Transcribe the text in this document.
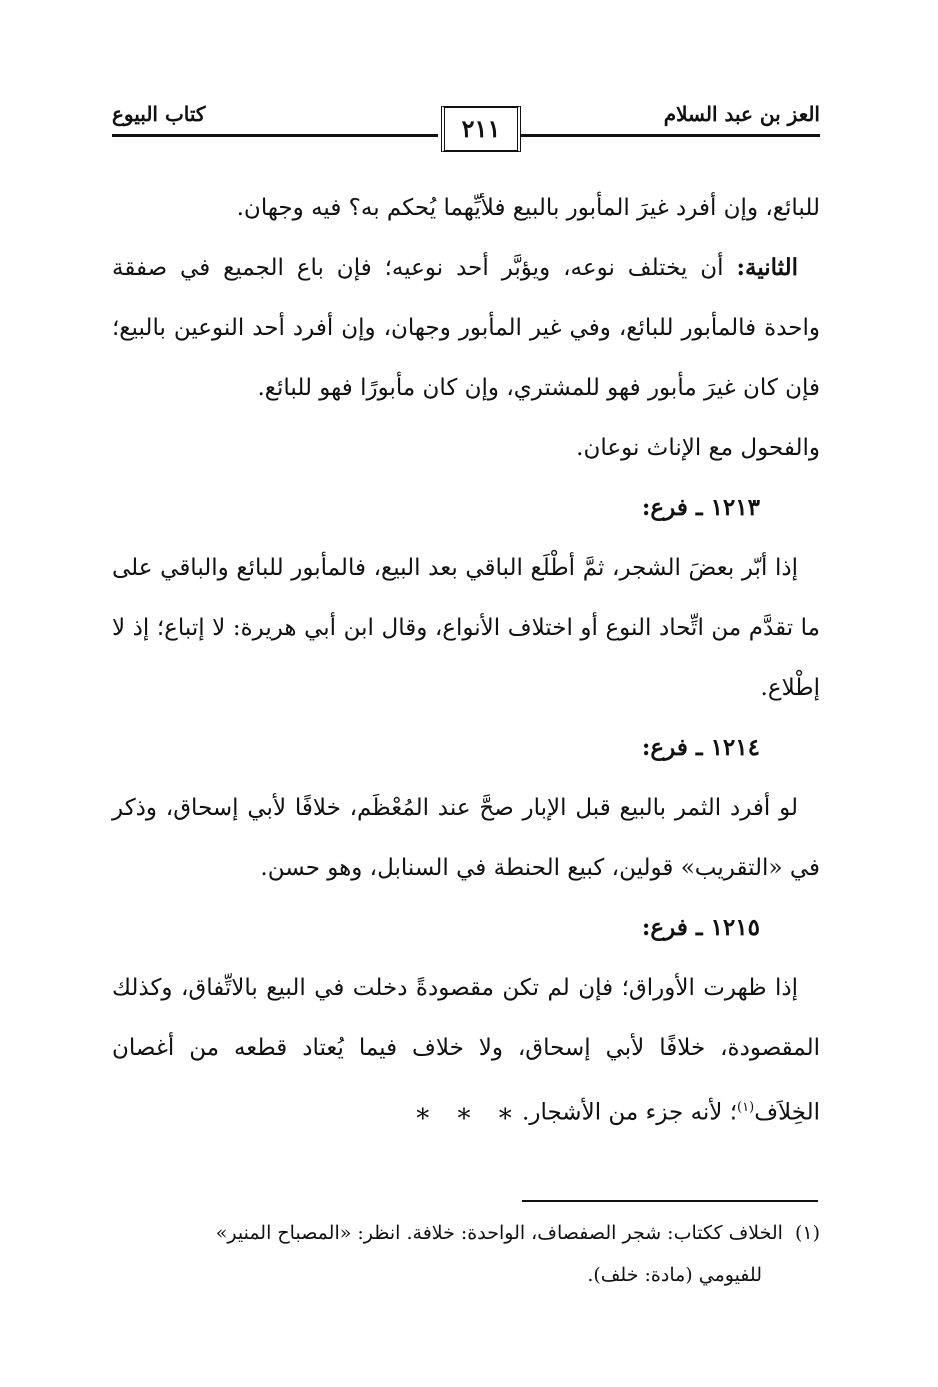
العز بن عبد السلام
٢١١
كتاب البيوع

للبائع، وإن أفرد غيرَ المأبور بالبيع فلأيِّهما يُحكم به؟ فيه وجهان.

الثانية: أن يختلف نوعه، ويؤبَّر أحد نوعيه؛ فإن باع الجميع في صفقة واحدة فالمأبور للبائع، وفي غير المأبور وجهان، وإن أفرد أحد النوعين بالبيع؛ فإن كان غيرَ مأبور فهو للمشتري، وإن كان مأبورًا فهو للبائع.

والفحول مع الإناث نوعان.

١٢١٣ ـ فرع:

إذا أبّر بعضَ الشجر، ثمَّ أطْلَع الباقي بعد البيع، فالمأبور للبائع والباقي على ما تقدَّم من اتِّحاد النوع أو اختلاف الأنواع، وقال ابن أبي هريرة: لا إتباع؛ إذ لا إطْلاع.

١٢١٤ ـ فرع:

لو أفرد الثمر بالبيع قبل الإبار صحَّ عند المُعْظَم، خلافًا لأبي إسحاق، وذكر في «التقريب» قولين، كبيع الحنطة في السنابل، وهو حسن.

١٢١٥ ـ فرع:

إذا ظهرت الأوراق؛ فإن لم تكن مقصودةً دخلت في البيع بالاتِّفاق، وكذلك المقصودة، خلافًا لأبي إسحاق، ولا خلاف فيما يُعتاد قطعه من أغصان الخِلاَف$^{(١)}$؛ لأنه جزء من الأشجار.

* * *

(١)الخلاف ككتاب: شجر الصفصاف، الواحدة: خلافة. انظر: «المصباح المنير»

للفيومي (مادة: خلف).
